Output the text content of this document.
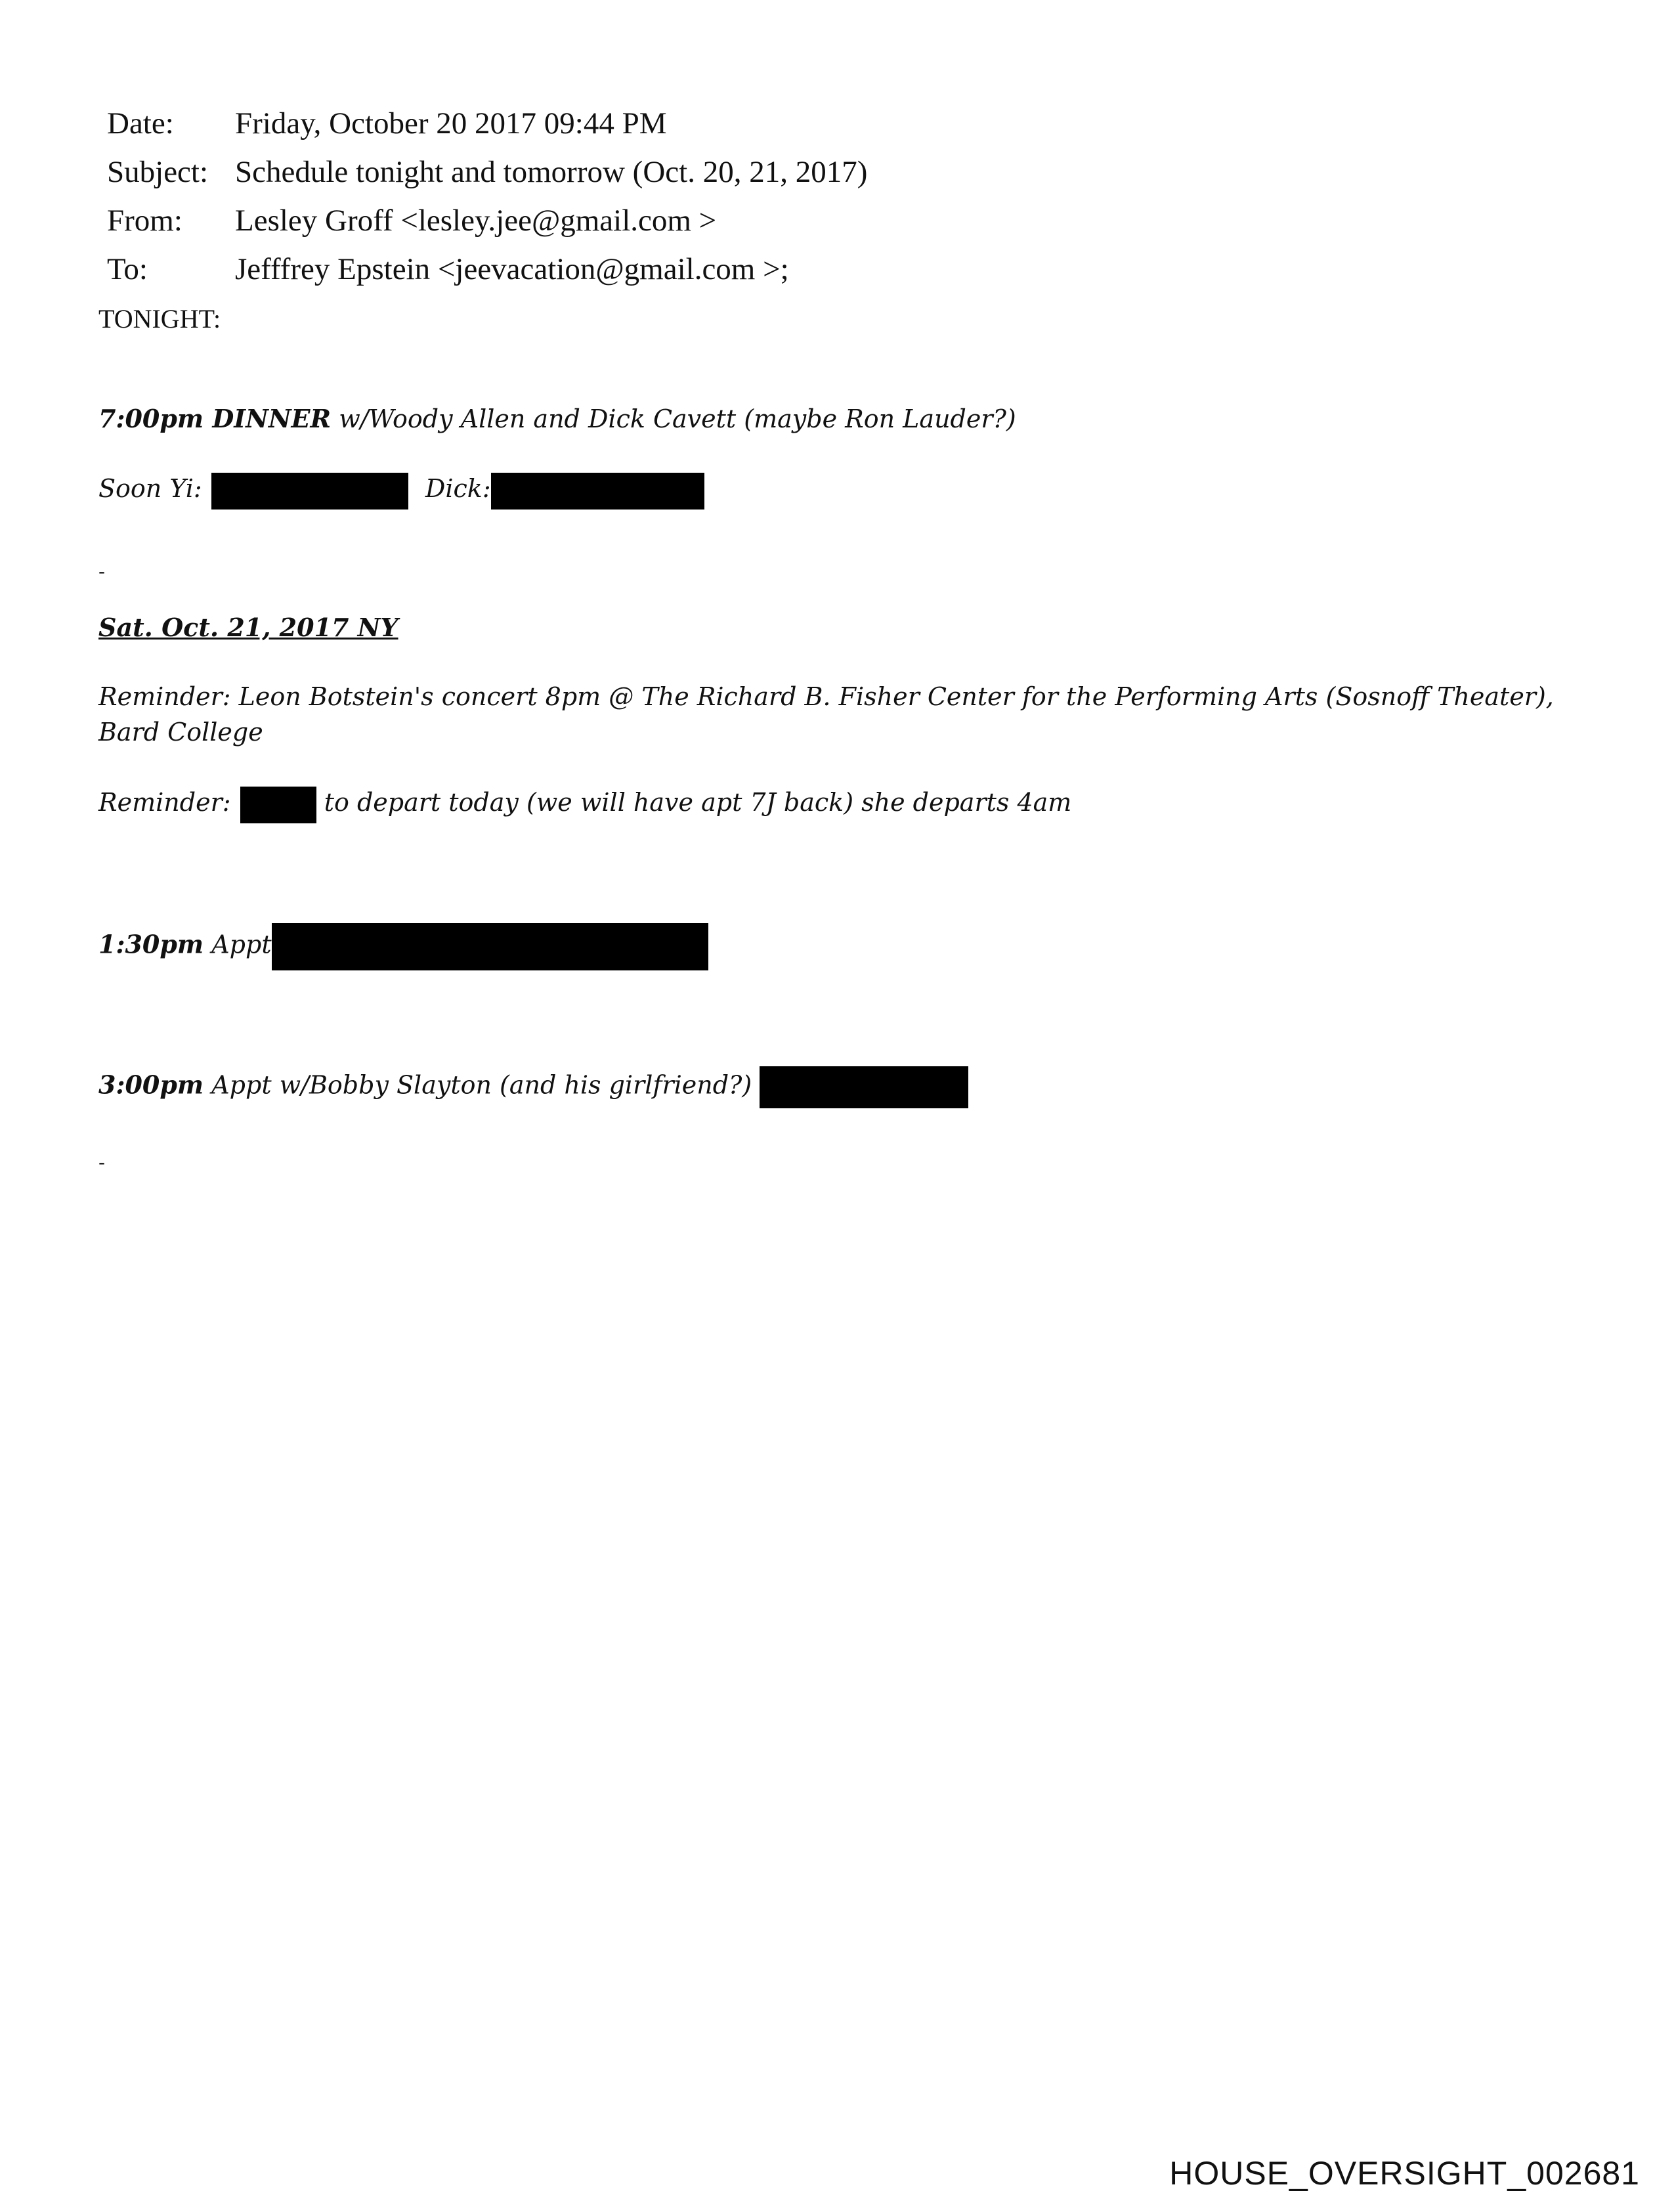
Date: Friday, October 20 2017 09:44 PM
Subject: Schedule tonight and tomorrow (Oct. 20, 21, 2017)
From: Lesley Groff <lesley.jee@gmail.com >
To:	Jefffrey Epstein <jeevacation@gmail.com >;
TONIGHT:
7:00pm DINNER w/Woody Allen and Dick Cavett (maybe Ron Lauder?)
Soon Yi:	Dick:
-
Sat. Oct. 21, 2017 NY
Reminder: Leon Botstein's concert 8pm @ The Richard B. Fisher Center for the Performing Arts (Sosnoff Theater), Bard College
Reminder:	to depart today (we will have apt 7J back) she departs 4am
1:30pm Appt
3:00pm Appt w/Bobby Slayton (and his girlfriend?)
-
HOUSE_OVERSIGHT_002681
